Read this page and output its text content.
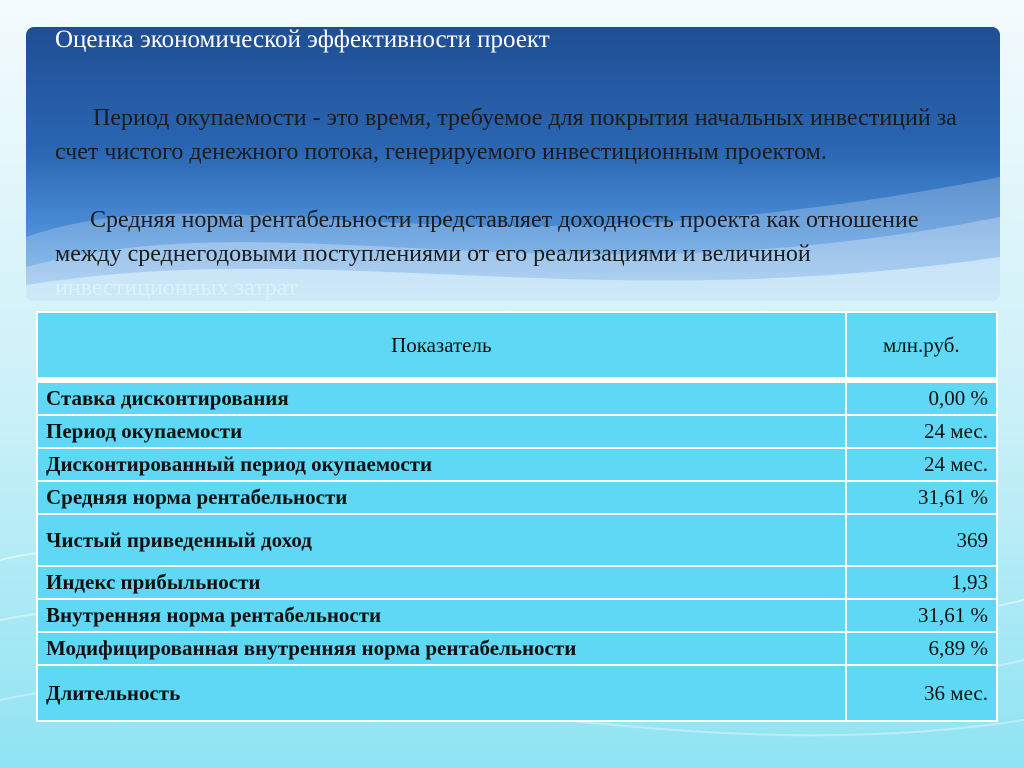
Оценка экономической эффективности проект

Период окупаемости - это время, требуемое для покрытия начальных инвестиций за счет чистого денежного потока, генерируемого инвестиционным проектом.

Средняя норма рентабельности представляет доходность проекта как отношение между среднегодовыми поступлениями от его реализациями и величиной инвестиционных затрат

Показатель	млн.руб.
Ставка дисконтирования	0,00 %
Период окупаемости	24 мес.
Дисконтированный период окупаемости	24 мес.
Средняя норма рентабельности	31,61 %
Чистый приведенный доход	369
Индекс прибыльности	1,93
Внутренняя норма рентабельности	31,61 %
Модифицированная внутренняя норма рентабельности	6,89 %
Длительность	36 мес.
